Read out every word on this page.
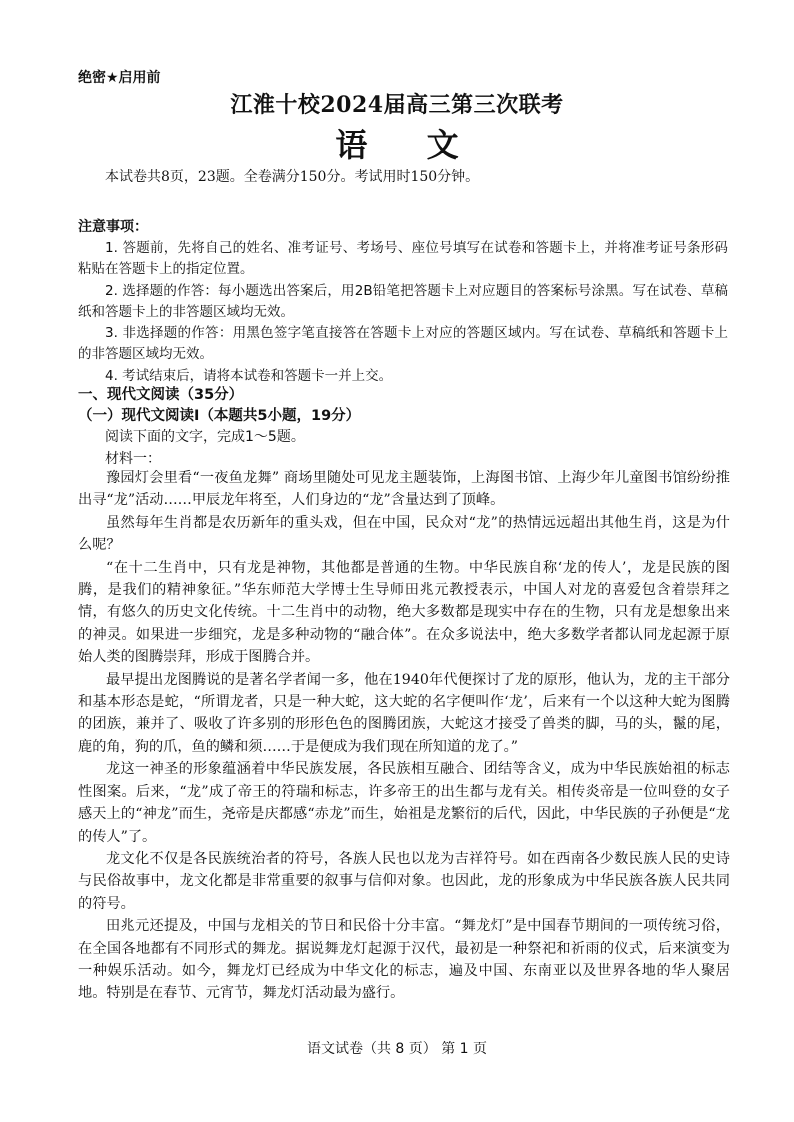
绝密★启用前
江淮十校2024届高三第三次联考
语 文
本试卷共8页，23题。全卷满分150分。考试用时150分钟。
注意事项：

1. 答题前，先将自己的姓名、准考证号、考场号、座位号填写在试卷和答题卡上，并将准考证号条形码粘贴在答题卡上的指定位置。

2. 选择题的作答：每小题选出答案后，用2B铅笔把答题卡上对应题目的答案标号涂黑。写在试卷、草稿纸和答题卡上的非答题区域均无效。

3. 非选择题的作答：用黑色签字笔直接答在答题卡上对应的答题区域内。写在试卷、草稿纸和答题卡上的非答题区域均无效。

4. 考试结束后，请将本试卷和答题卡一并上交。

一、现代文阅读（35分）
（一）现代文阅读Ⅰ（本题共5小题，19分）
阅读下面的文字，完成1～5题。
材料一：

豫园灯会里看“一夜鱼龙舞” 商场里随处可见龙主题装饰，上海图书馆、上海少年儿童图书馆纷纷推出寻“龙”活动……甲辰龙年将至，人们身边的“龙”含量达到了顶峰。

虽然每年生肖都是农历新年的重头戏，但在中国，民众对“龙”的热情远远超出其他生肖，这是为什么呢？

“在十二生肖中，只有龙是神物，其他都是普通的生物。中华民族自称‘龙的传人’，龙是民族的图腾，是我们的精神象征。”华东师范大学博士生导师田兆元教授表示，中国人对龙的喜爱包含着崇拜之情，有悠久的历史文化传统。十二生肖中的动物，绝大多数都是现实中存在的生物，只有龙是想象出来的神灵。如果进一步细究，龙是多种动物的“融合体”。在众多说法中，绝大多数学者都认同龙起源于原始人类的图腾崇拜，形成于图腾合并。

最早提出龙图腾说的是著名学者闻一多，他在1940年代便探讨了龙的原形，他认为，龙的主干部分和基本形态是蛇，“所谓龙者，只是一种大蛇，这大蛇的名字便叫作‘龙’，后来有一个以这种大蛇为图腾的团族，兼并了、吸收了许多别的形形色色的图腾团族，大蛇这才接受了兽类的脚，马的头，鬣的尾，鹿的角，狗的爪，鱼的鳞和须……于是便成为我们现在所知道的龙了。”

龙这一神圣的形象蕴涵着中华民族发展，各民族相互融合、团结等含义，成为中华民族始祖的标志性图案。后来，“龙”成了帝王的符瑞和标志，许多帝王的出生都与龙有关。相传炎帝是一位叫登的女子感天上的“神龙”而生，尧帝是庆都感“赤龙”而生，始祖是龙繁衍的后代，因此，中华民族的子孙便是“龙的传人”了。

龙文化不仅是各民族统治者的符号，各族人民也以龙为吉祥符号。如在西南各少数民族人民的史诗与民俗故事中，龙文化都是非常重要的叙事与信仰对象。也因此，龙的形象成为中华民族各族人民共同的符号。

田兆元还提及，中国与龙相关的节日和民俗十分丰富。“舞龙灯”是中国春节期间的一项传统习俗，在全国各地都有不同形式的舞龙。据说舞龙灯起源于汉代，最初是一种祭祀和祈雨的仪式，后来演变为一种娱乐活动。如今，舞龙灯已经成为中华文化的标志，遍及中国、东南亚以及世界各地的华人聚居地。特别是在春节、元宵节，舞龙灯活动最为盛行。

语文试卷（共 8 页） 第 1 页
